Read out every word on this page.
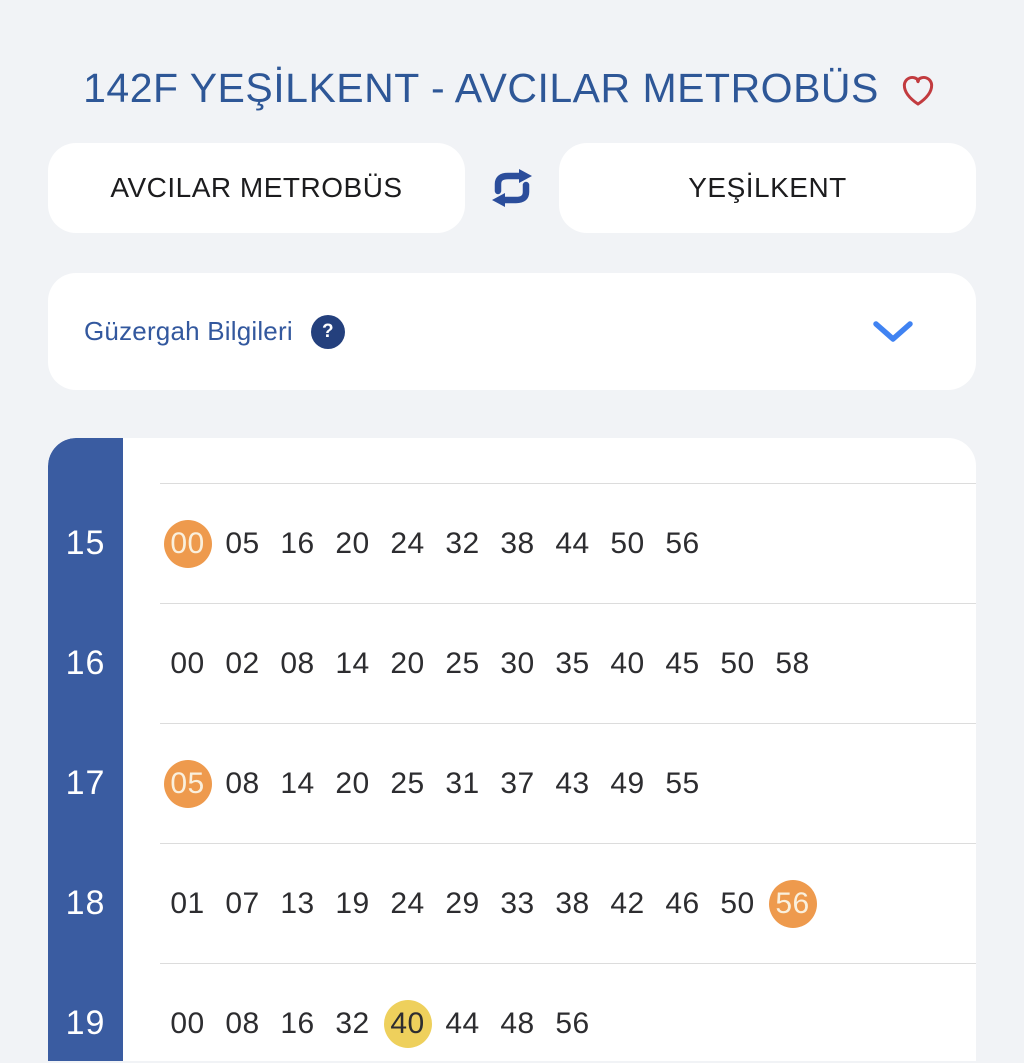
142F YEŞİLKENT - AVCILAR METROBÜS
AVCILAR METROBÜS	YEŞİLKENT
Güzergah Bilgileri	?
15
16
17
18
19
00 05 16 20 24 32 38 44 50 56
00 02 08 14 20 25 30 35 40 45 50 58
05 08 14 20 25 31 37 43 49 55
01 07 13 19 24 29 33 38 42 46 50 56
00 08 16 32 40 44 48 56
